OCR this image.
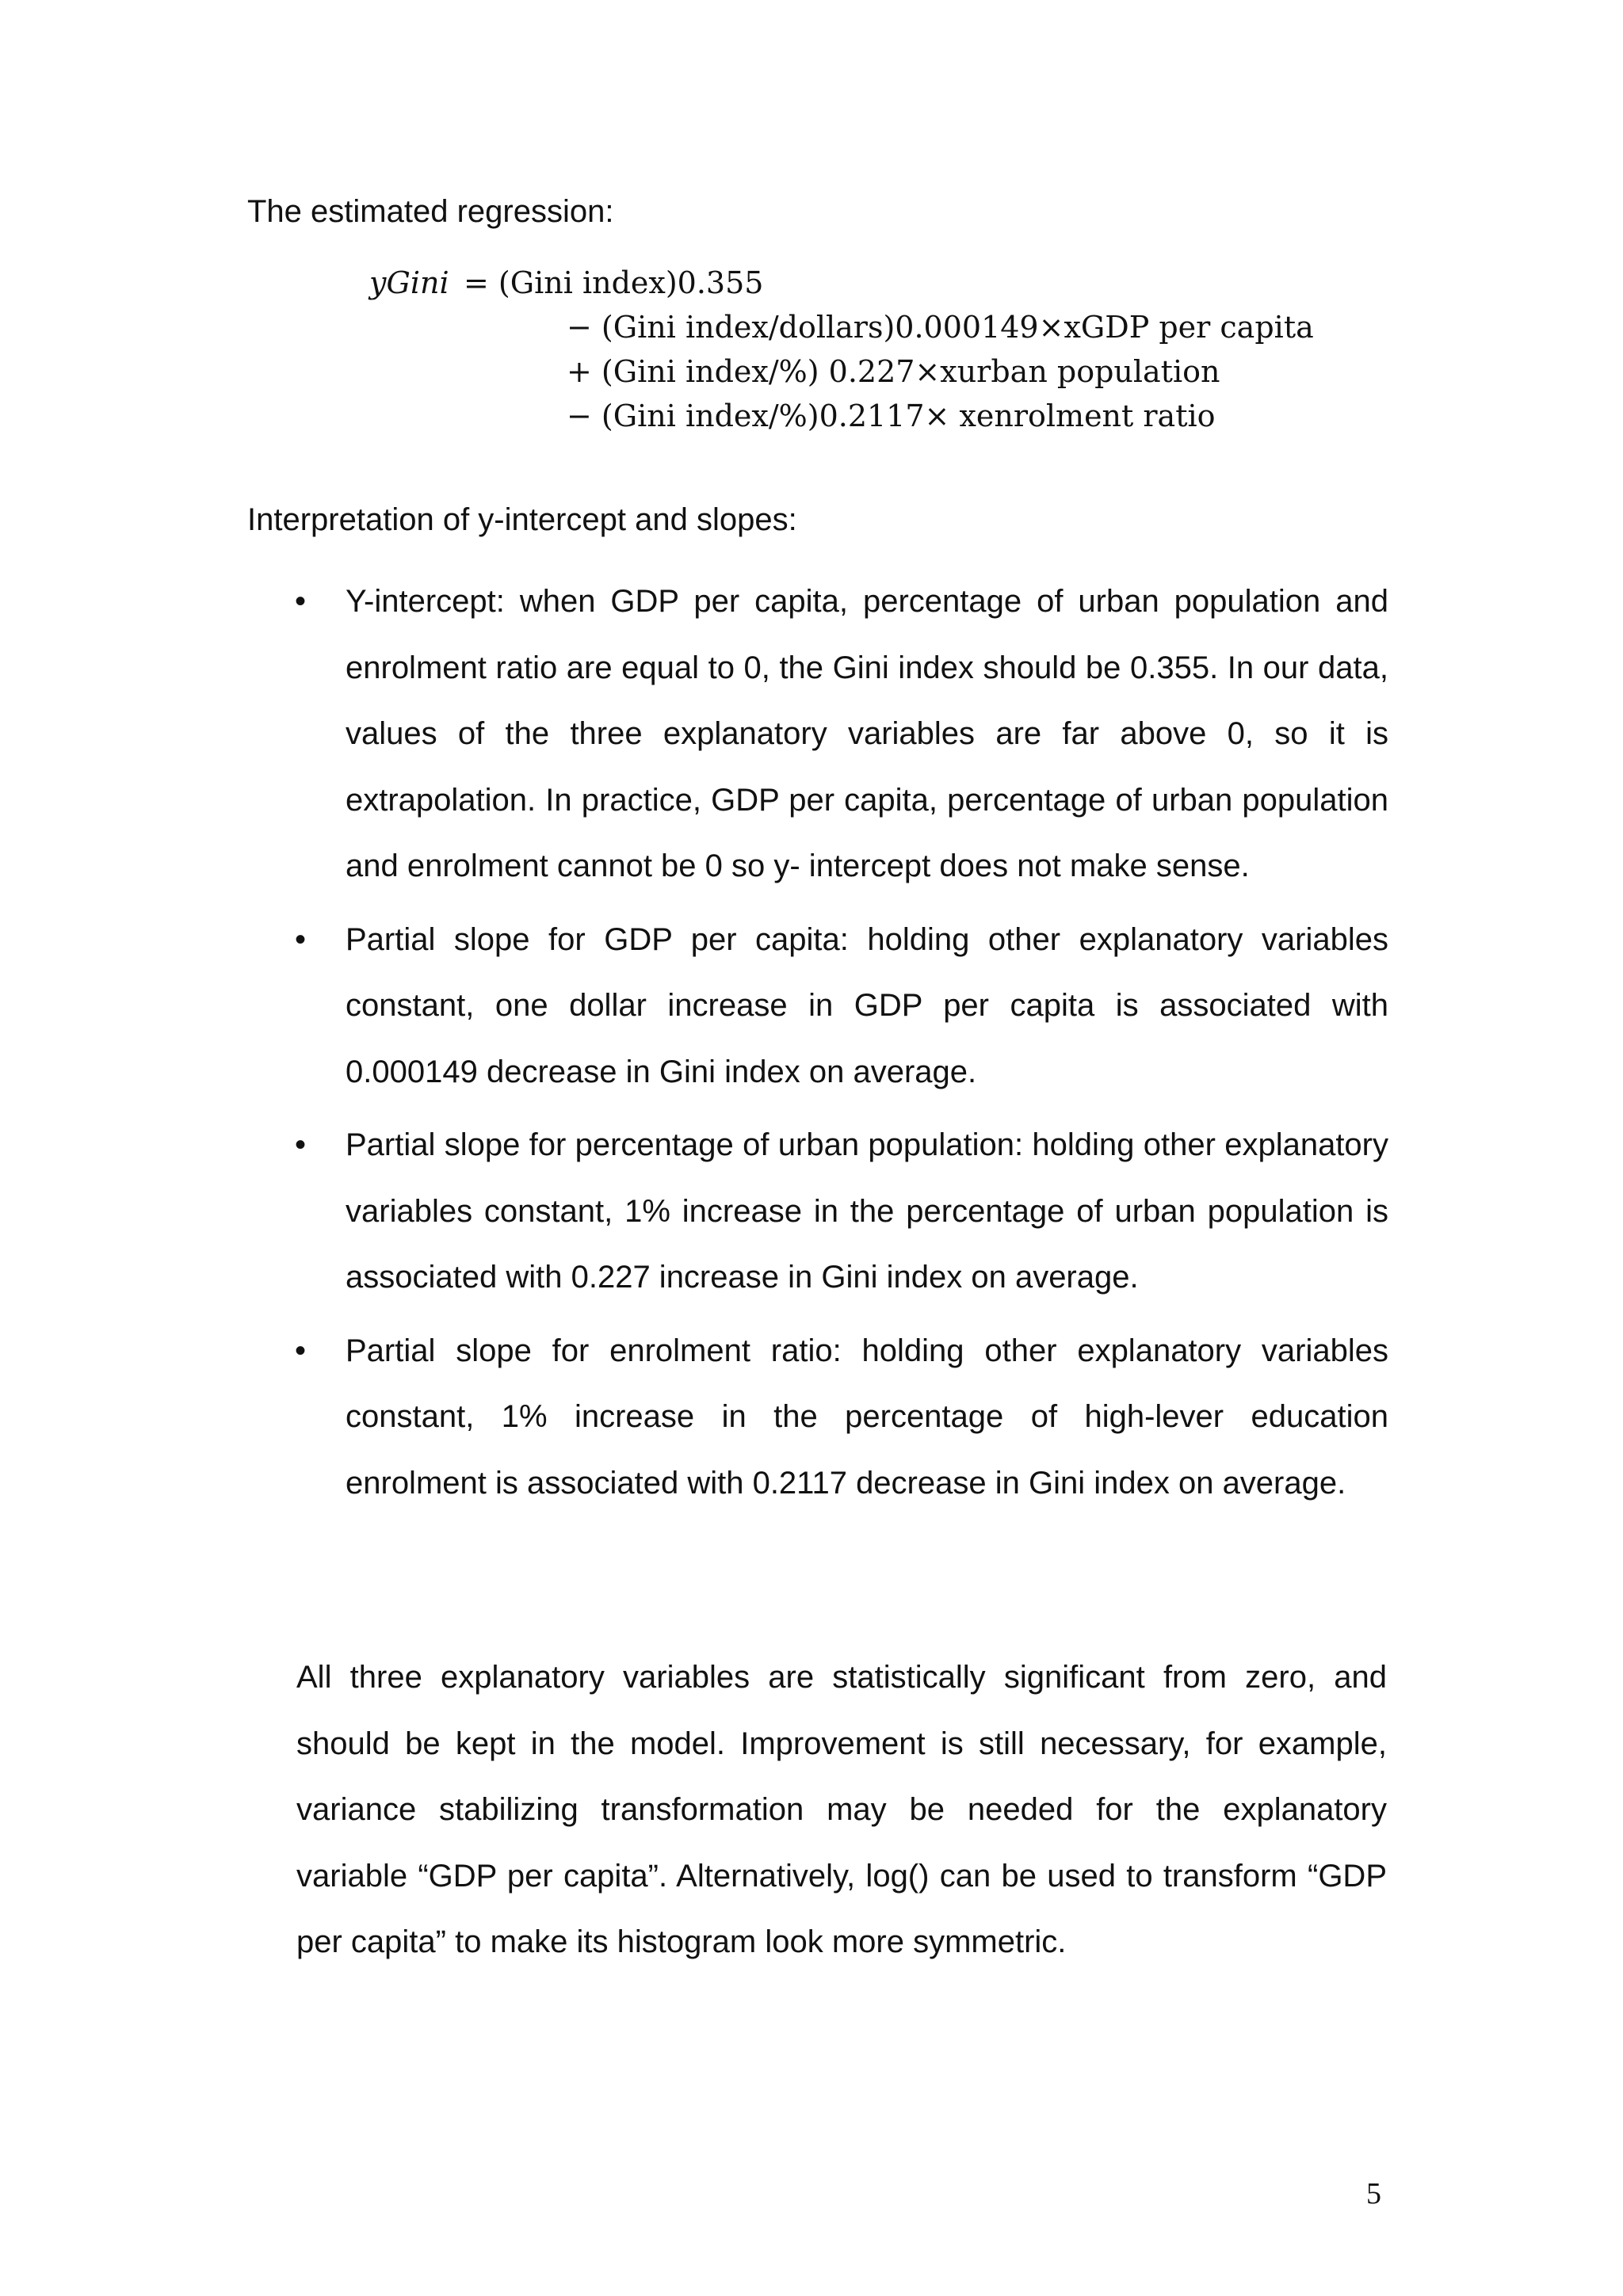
The estimated regression:
yGini = (Gini index)0.355
− (Gini index/dollars)0.000149×xGDP per capita
+ (Gini index/%) 0.227×xurban population
− (Gini index/%)0.2117× xenrolment ratio
Interpretation of y-intercept and slopes:
• Y-intercept: when GDP per capita, percentage of urban population and enrolment ratio are equal to 0, the Gini index should be 0.355. In our data, values of the three explanatory variables are far above 0, so it is extrapolation. In practice, GDP per capita, percentage of urban population and enrolment cannot be 0 so y- intercept does not make sense.
• Partial slope for GDP per capita: holding other explanatory variables constant, one dollar increase in GDP per capita is associated with 0.000149 decrease in Gini index on average.
• Partial slope for percentage of urban population: holding other explanatory variables constant, 1% increase in the percentage of urban population is associated with 0.227 increase in Gini index on average.
• Partial slope for enrolment ratio: holding other explanatory variables constant, 1% increase in the percentage of high-lever education enrolment is associated with 0.2117 decrease in Gini index on average.

All three explanatory variables are statistically significant from zero, and should be kept in the model. Improvement is still necessary, for example, variance stabilizing transformation may be needed for the explanatory variable “GDP per capita”. Alternatively, log() can be used to transform “GDP per capita” to make its histogram look more symmetric.

5
